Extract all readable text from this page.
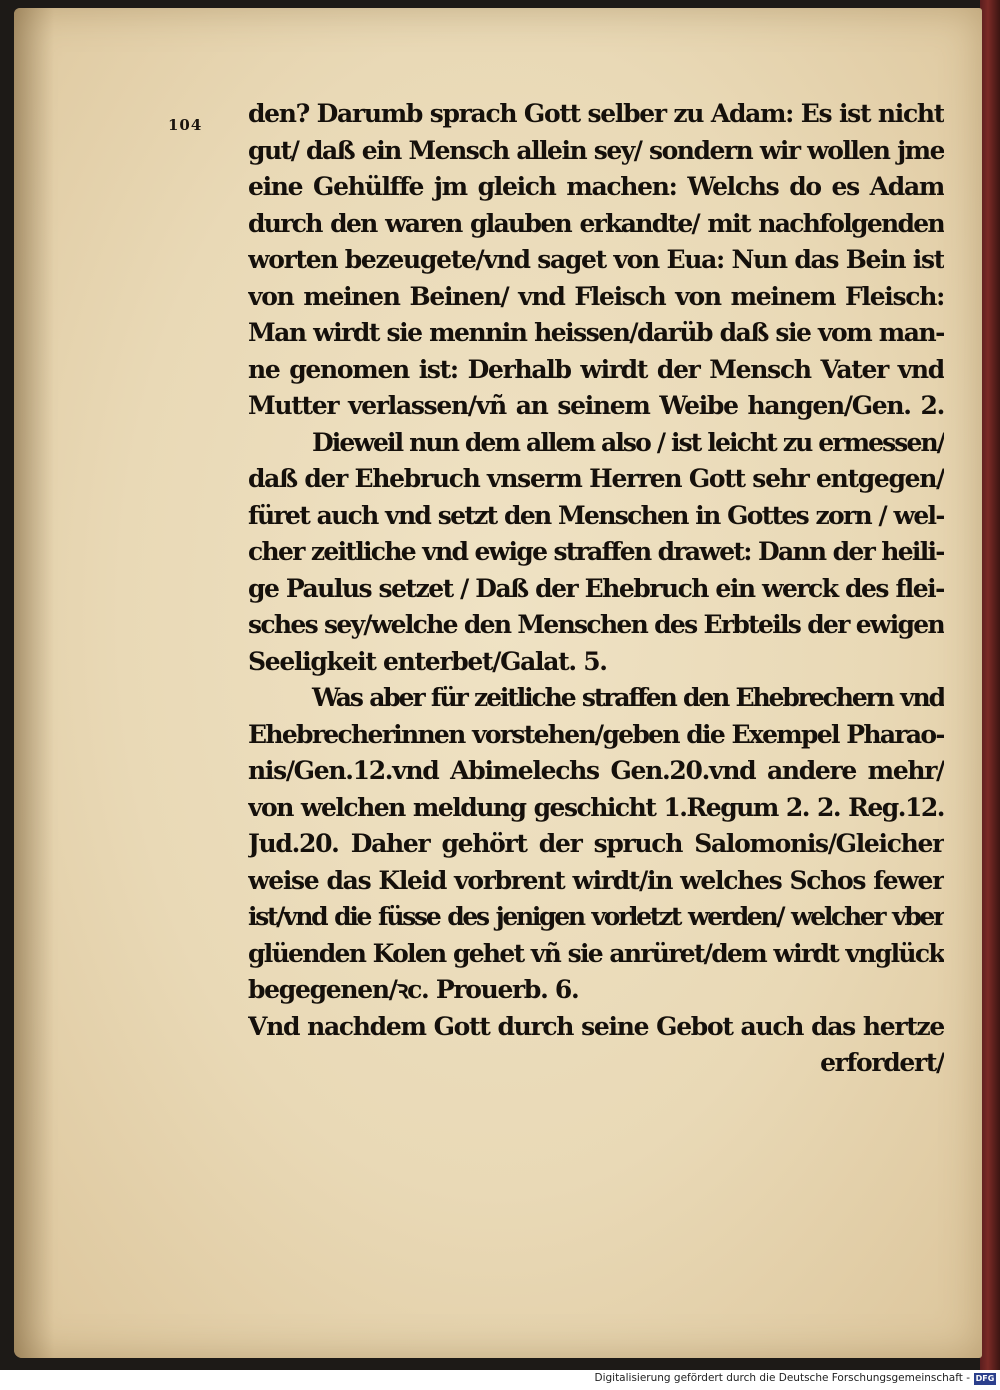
104 den? Darumb sprach Gott selber zu Adam: Es ist nicht
gut/ daß ein Mensch allein sey/ sondern wir wollen jme
eine Gehülffe jm gleich machen: Welchs do es Adam
durch den waren glauben erkandte/ mit nachfolgenden
worten bezeugete/vnd saget von Eua: Nun das Bein ist
von meinen Beinen/ vnd Fleisch von meinem Fleisch:
Man wirdt sie mennin heissen/darüb daß sie vom man-
ne genomen ist: Derhalb wirdt der Mensch Vater vnd
Mutter verlassen/vñ an seinem Weibe hangen/Gen. 2.
Dieweil nun dem allem also / ist leicht zu ermessen/
daß der Ehebruch vnserm Herren Gott sehr entgegen/
füret auch vnd setzt den Menschen in Gottes zorn / wel-
cher zeitliche vnd ewige straffen drawet: Dann der heili-
ge Paulus setzet / Daß der Ehebruch ein werck des flei-
sches sey/welche den Menschen des Erbteils der ewigen
Seeligkeit enterbet/Galat. 5.
Was aber für zeitliche straffen den Ehebrechern vnd
Ehebrecherinnen vorstehen/geben die Exempel Pharao-
nis/Gen.12.vnd Abimelechs Gen.20.vnd andere mehr/
von welchen meldung geschicht 1.Regum 2. 2. Reg.12.
Jud.20. Daher gehört der spruch Salomonis/Gleicher
weise das Kleid vorbrent wirdt/in welches Schos fewer
ist/vnd die füsse des jenigen vorletzt werden/ welcher vber
glüenden Kolen gehet vñ sie anrüret/dem wirdt vnglück
begegenen/ꝛc. Prouerb. 6.
Vnd nachdem Gott durch seine Gebot auch das hertze
erfordert/
Digitalisierung gefördert durch die Deutsche Forschungsgemeinschaft - DFG
